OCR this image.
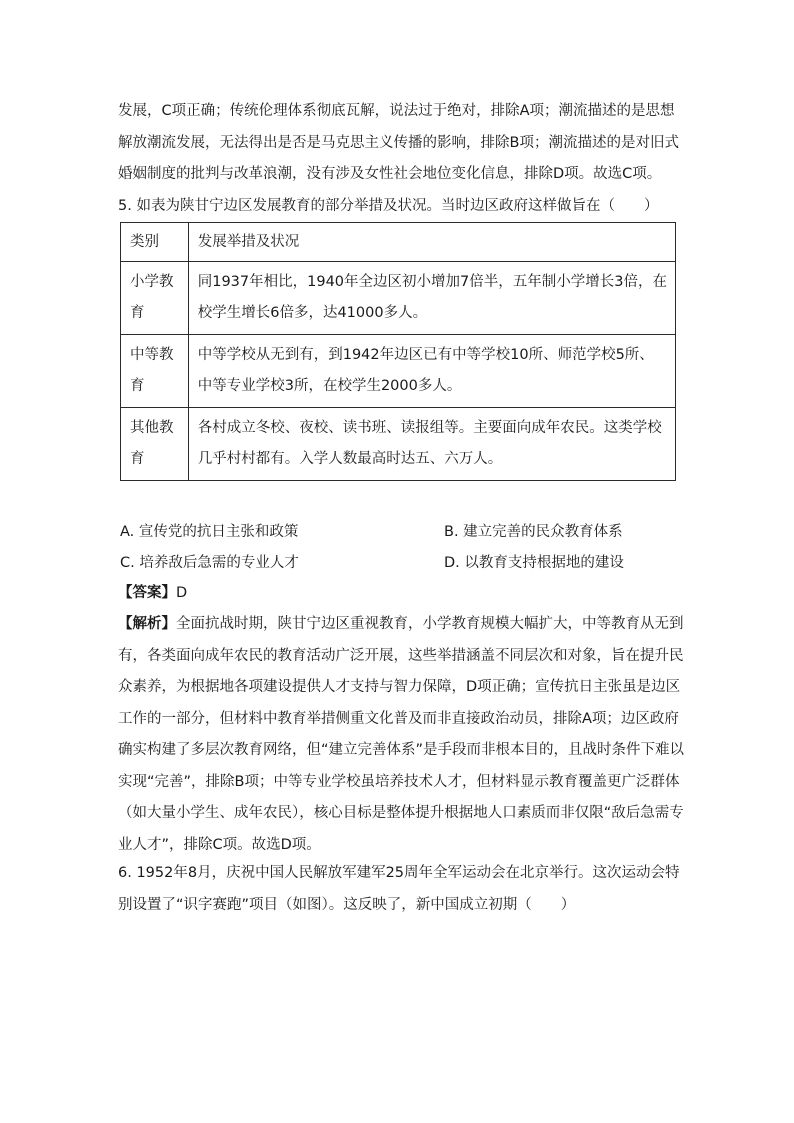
发展，C项正确；传统伦理体系彻底瓦解，说法过于绝对，排除A项；潮流描述的是思想

解放潮流发展，无法得出是否是马克思主义传播的影响，排除B项；潮流描述的是对旧式

婚姻制度的批判与改革浪潮，没有涉及女性社会地位变化信息，排除D项。故选C项。

5. 如表为陕甘宁边区发展教育的部分举措及状况。当时边区政府这样做旨在（　　）

类别	发展举措及状况
小学教育	同1937年相比，1940年全边区初小增加7倍半，五年制小学增长3倍，在

校学生增长6倍多，达41000多人。

中等教育	中等学校从无到有，到1942年边区已有中等学校10所、师范学校5所、

中等专业学校3所，在校学生2000多人。

其他教育	各村成立冬校、夜校、读书班、读报组等。主要面向成年农民。这类学校

几乎村村都有。入学人数最高时达五、六万人。

A. 宣传党的抗日主张和政策	B. 建立完善的民众教育体系
C. 培养敌后急需的专业人才	D. 以教育支持根据地的建设

【答案】D

【解析】全面抗战时期，陕甘宁边区重视教育，小学教育规模大幅扩大，中等教育从无到

有，各类面向成年农民的教育活动广泛开展，这些举措涵盖不同层次和对象，旨在提升民

众素养，为根据地各项建设提供人才支持与智力保障，D项正确；宣传抗日主张虽是边区

工作的一部分，但材料中教育举措侧重文化普及而非直接政治动员，排除A项；边区政府

确实构建了多层次教育网络，但“建立完善体系”是手段而非根本目的，且战时条件下难以

实现“完善”，排除B项；中等专业学校虽培养技术人才，但材料显示教育覆盖更广泛群体

（如大量小学生、成年农民），核心目标是整体提升根据地人口素质而非仅限“敌后急需专

业人才”，排除C项。故选D项。

6. 1952年8月，庆祝中国人民解放军建军25周年全军运动会在北京举行。这次运动会特

别设置了“识字赛跑”项目（如图）。这反映了，新中国成立初期（　　）
